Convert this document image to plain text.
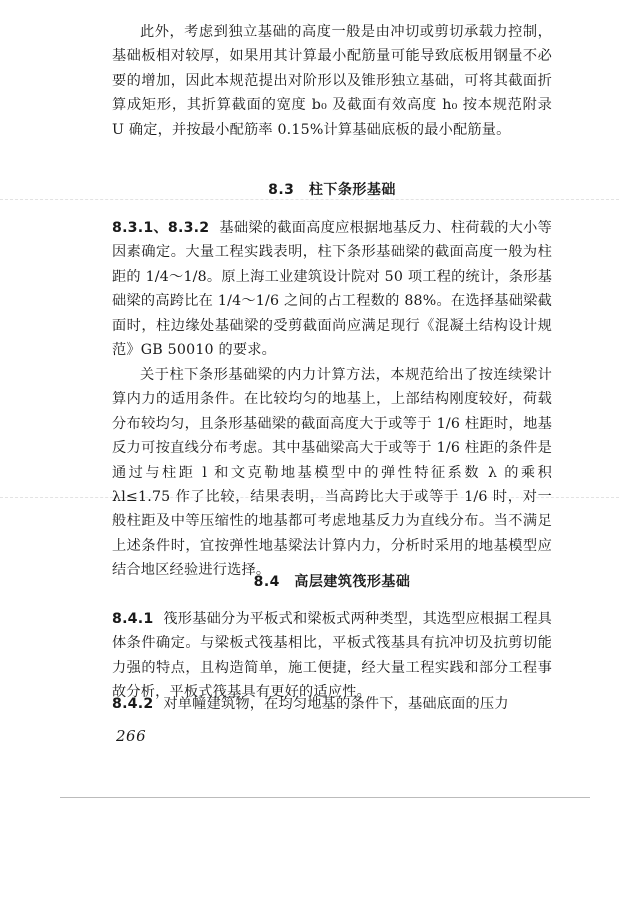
此外，考虑到独立基础的高度一般是由冲切或剪切承载力控制，基础板相对较厚，如果用其计算最小配筋量可能导致底板用钢量不必要的增加，因此本规范提出对阶形以及锥形独立基础，可将其截面折算成矩形，其折算截面的宽度 b₀ 及截面有效高度 h₀ 按本规范附录 U 确定，并按最小配筋率 0.15%计算基础底板的最小配筋量。

8.3　柱下条形基础

8.3.1、8.3.2 基础梁的截面高度应根据地基反力、柱荷载的大小等因素确定。大量工程实践表明，柱下条形基础梁的截面高度一般为柱距的 1/4～1/8。原上海工业建筑设计院对 50 项工程的统计，条形基础梁的高跨比在 1/4～1/6 之间的占工程数的 88%。在选择基础梁截面时，柱边缘处基础梁的受剪截面尚应满足现行《混凝土结构设计规范》GB 50010 的要求。

关于柱下条形基础梁的内力计算方法，本规范给出了按连续梁计算内力的适用条件。在比较均匀的地基上，上部结构刚度较好，荷载分布较均匀，且条形基础梁的截面高度大于或等于 1/6 柱距时，地基反力可按直线分布考虑。其中基础梁高大于或等于 1/6 柱距的条件是通过与柱距 l 和文克勒地基模型中的弹性特征系数 λ 的乘积 λl≤1.75 作了比较，结果表明，当高跨比大于或等于 1/6 时，对一般柱距及中等压缩性的地基都可考虑地基反力为直线分布。当不满足上述条件时，宜按弹性地基梁法计算内力，分析时采用的地基模型应结合地区经验进行选择。

8.4　高层建筑筏形基础

8.4.1 筏形基础分为平板式和梁板式两种类型，其选型应根据工程具体条件确定。与梁板式筏基相比，平板式筏基具有抗冲切及抗剪切能力强的特点，且构造简单，施工便捷，经大量工程实践和部分工程事故分析，平板式筏基具有更好的适应性。

8.4.2 对单幢建筑物，在均匀地基的条件下，基础底面的压力

266
